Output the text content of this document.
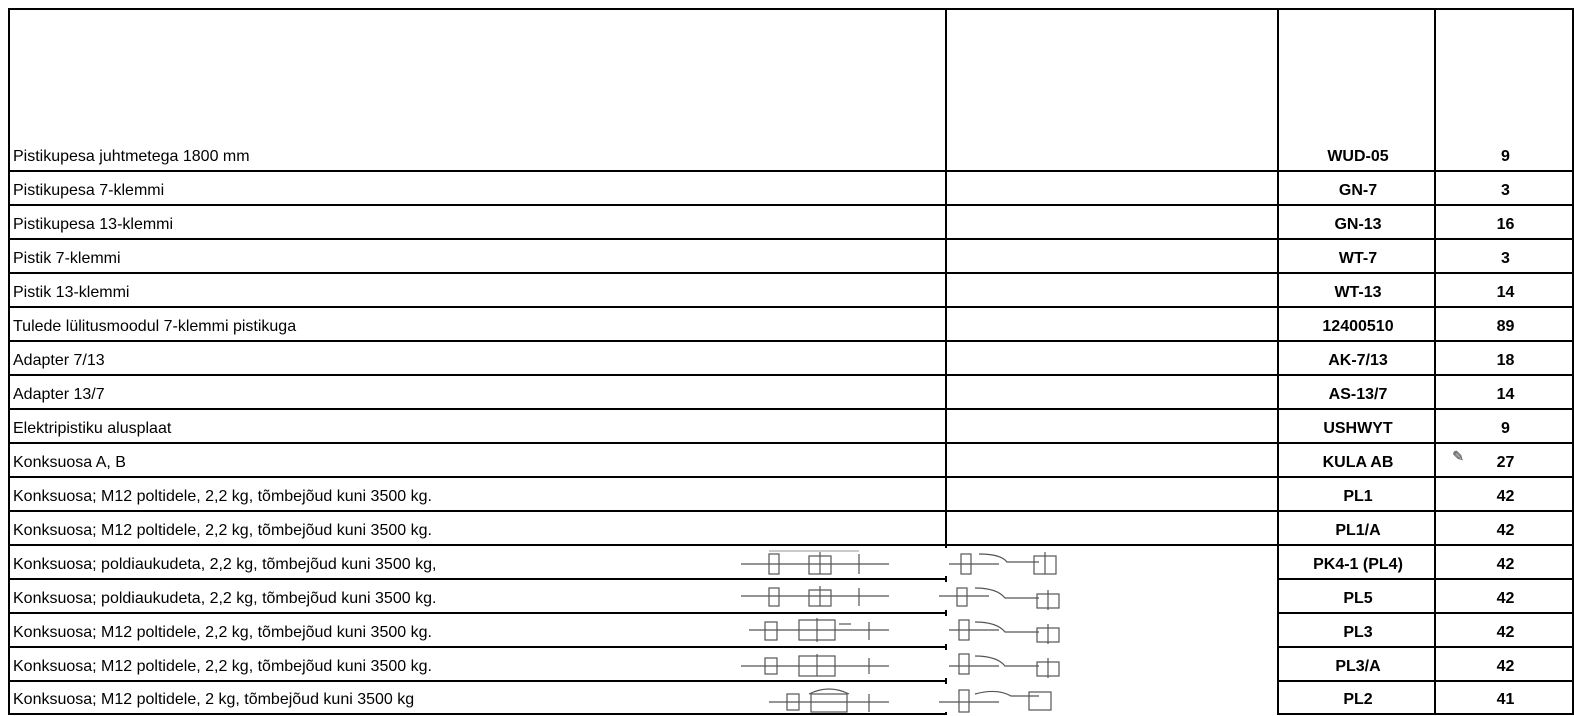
Pistikupesa juhtmetega 1800 mm		WUD-05	9
Pistikupesa 7-klemmi		GN-7	3
Pistikupesa 13-klemmi		GN-13	16
Pistik 7-klemmi		WT-7	3
Pistik 13-klemmi		WT-13	14
Tulede lülitusmoodul 7-klemmi pistikuga		12400510	89
Adapter 7/13		AK-7/13	18
Adapter 13/7		AS-13/7	14
Elektripistiku alusplaat		USHWYT	9
Konksuosa A, B		KULA AB ✎	27
Konksuosa; M12 poltidele, 2,2 kg, tõmbejõud kuni 3500 kg.		PL1	42
Konksuosa; M12 poltidele, 2,2 kg, tõmbejõud kuni 3500 kg.		PL1/A	42
Konksuosa; poldiaukudeta, 2,2 kg, tõmbejõud kuni 3500 kg,		PK4-1 (PL4)	42
Konksuosa; poldiaukudeta, 2,2 kg, tõmbejõud kuni 3500 kg.		PL5	42
Konksuosa; M12 poltidele, 2,2 kg, tõmbejõud kuni 3500 kg.		PL3	42
Konksuosa; M12 poltidele, 2,2 kg, tõmbejõud kuni 3500 kg.		PL3/A	42
Konksuosa; M12 poltidele, 2 kg, tõmbejõud kuni 3500 kg		PL2	41
